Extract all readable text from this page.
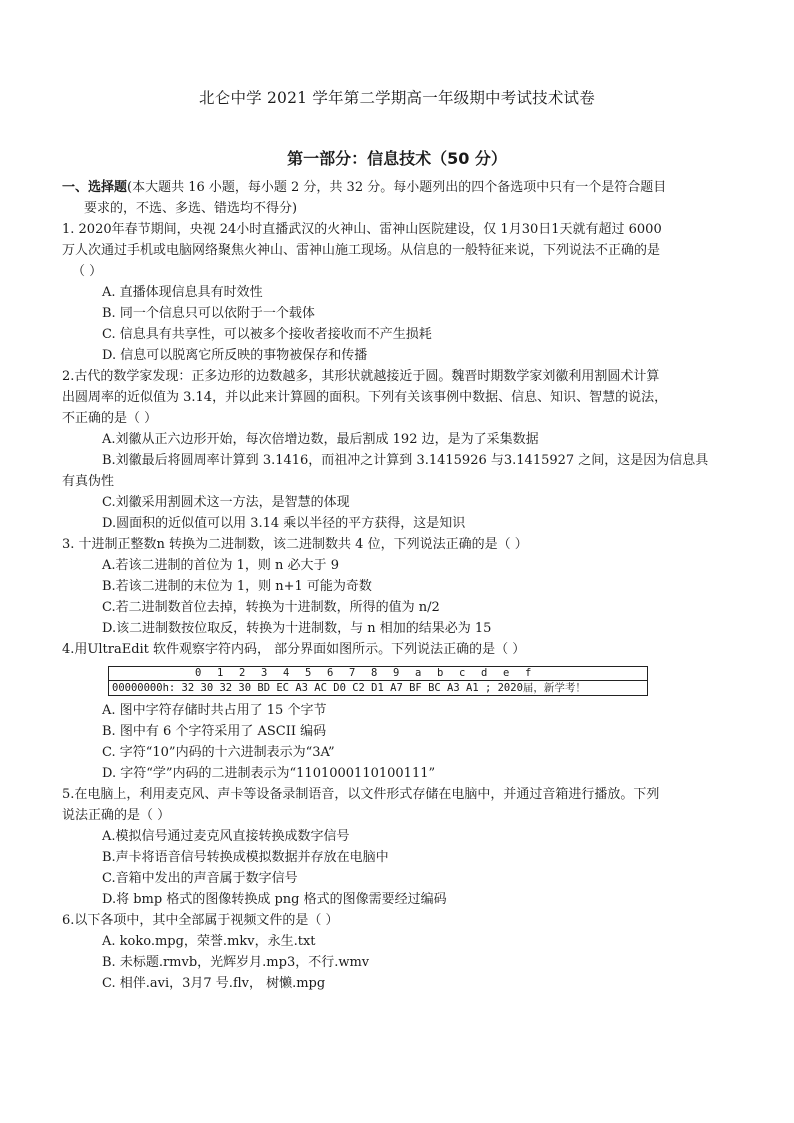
北仑中学 2021 学年第二学期高一年级期中考试技术试卷
第一部分：信息技术（50 分）
一、选择题(本大题共 16 小题，每小题 2 分，共 32 分。每小题列出的四个备选项中只有一个是符合题目
要求的，不选、多选、错选均不得分)
1. 2020年春节期间，央视 24小时直播武汉的火神山、雷神山医院建设，仅 1月30日1天就有超过 6000
万人次通过手机或电脑网络聚焦火神山、雷神山施工现场。从信息的一般特征来说，下列说法不正确的是
（ ）
A. 直播体现信息具有时效性
B. 同一个信息只可以依附于一个载体
C. 信息具有共享性，可以被多个接收者接收而不产生损耗
D. 信息可以脱离它所反映的事物被保存和传播
2.古代的数学家发现：正多边形的边数越多，其形状就越接近于圆。魏晋时期数学家刘徽利用割圆术计算
出圆周率的近似值为 3.14，并以此来计算圆的面积。下列有关该事例中数据、信息、知识、智慧的说法，
不正确的是（ ）
A.刘徽从正六边形开始，每次倍增边数，最后割成 192 边，是为了采集数据
B.刘徽最后将圆周率计算到 3.1416，而祖冲之计算到 3.1415926 与3.1415927 之间，这是因为信息具
有真伪性
C.刘徽采用割圆术这一方法，是智慧的体现
D.圆面积的近似值可以用 3.14 乘以半径的平方获得，这是知识
3. 十进制正整数n 转换为二进制数，该二进制数共 4 位，下列说法正确的是（ ）
A.若该二进制的首位为 1，则 n 必大于 9
B.若该二进制的末位为 1，则 n+1 可能为奇数
C.若二进制数首位去掉，转换为十进制数，所得的值为 n/2
D.该二进制数按位取反，转换为十进制数，与 n 相加的结果必为 15
4.用UltraEdit 软件观察字符内码， 部分界面如图所示。下列说法正确的是（ ）
0 1 2 3 4 5 6 7 8 9 a b c d e f
00000000h: 32 30 32 30 BD EC A3 AC D0 C2 D1 A7 BF BC A3 A1 ; 2020届，新学考！
A. 图中字符存储时共占用了 15 个字节
B. 图中有 6 个字符采用了 ASCII 编码
C. 字符“10”内码的十六进制表示为“3A”
D. 字符“学”内码的二进制表示为“1101000110100111”
5.在电脑上，利用麦克风、声卡等设备录制语音，以文件形式存储在电脑中，并通过音箱进行播放。下列
说法正确的是（ ）
A.模拟信号通过麦克风直接转换成数字信号
B.声卡将语音信号转换成模拟数据并存放在电脑中
C.音箱中发出的声音属于数字信号
D.将 bmp 格式的图像转换成 png 格式的图像需要经过编码
6.以下各项中，其中全部属于视频文件的是（ ）
A. koko.mpg，荣誉.mkv，永生.txt
B. 未标题.rmvb，光辉岁月.mp3，不行.wmv
C. 相伴.avi，3月7 号.flv， 树懒.mpg
